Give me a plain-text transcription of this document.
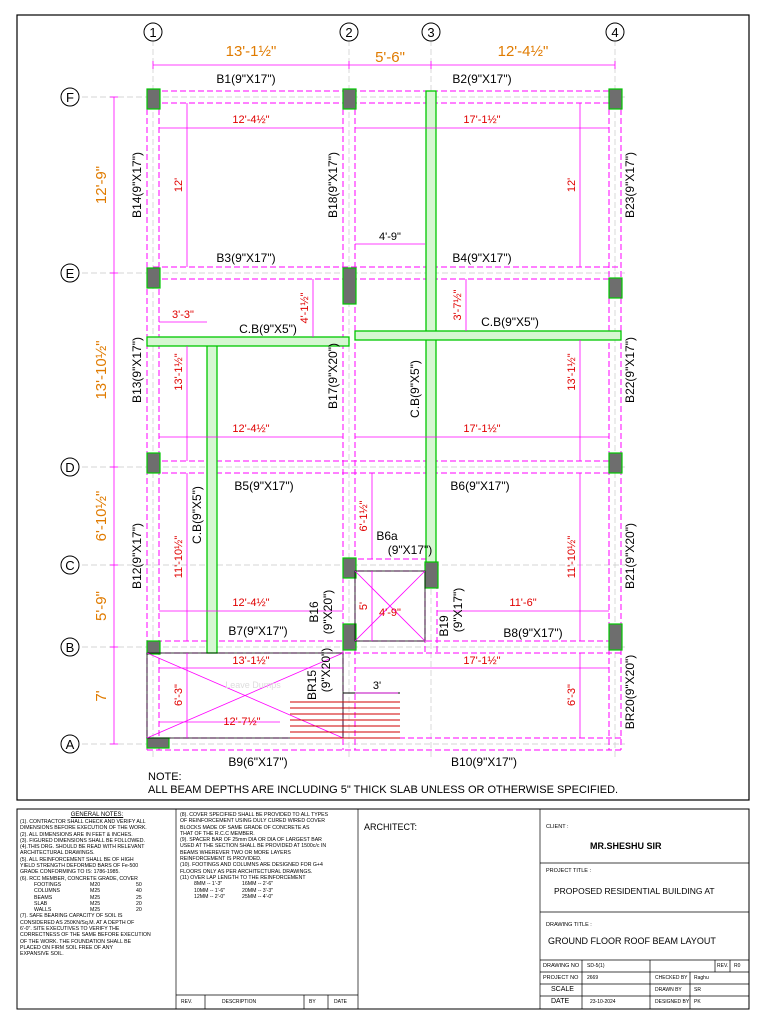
1	2	3	4
F
E
D
C
B
A
13'-1½"	5'-6"	12'-4½"
12'-9"
13'-10½"
6'-10½"
5'-9"
7'
12'-4½"	17'-1½"
12'	12'
3'-3"	4'-1½"	3'-7½"
13'-1½"	13'-1½"
12'-4½"	17'-1½"
6'-1½"
11'-10½"	11'-10½"
12'-4½"	5'
4'-9"
11'-6"
13'-1½"	17'-1½"
6'-3"	6'-3"
12'-7½"
4'-9"
3'
B1(9"X17")	B2(9"X17")
B3(9"X17")	B4(9"X17")
C.B(9"X5")	C.B(9"X5")
B5(9"X17")	B6(9"X17")
B6a
(9"X17")
B7(9"X17")	B8(9"X17")
B9(6"X17")	B10(9"X17")
B14(9"X17")	B18(9"X17")	B23(9"X17")
B13(9"X17")	B17(9"X20")	C.B(9"X5")	B22(9"X17")
C.B(9"X5")
B12(9"X17")	B21(9"X20")
B16 (9"X20")	B19 (9"X17")
BR15 (9"X20")	BR20(9"X20")
Leave Dumps
NOTE:
ALL BEAM DEPTHS ARE INCLUDING 5" THICK SLAB UNLESS OR OTHERWISE SPECIFIED.
GENERAL NOTES:

(1). CONTRACTOR SHALL CHECK AND VERIFY ALL

DIMENSIONS BEFORE EXECUTION OF THE WORK.

(2). ALL DIMENSIONS ARE IN FEET & INCHES.

(3). FIGURED DIMENSIONS SHALL BE FOLLOWED.

(4).THIS DRG. SHOULD BE READ WITH RELEVANT

ARCHITECTURAL DRAWINGS.

(5). ALL REINFORCEMENT SHALL BE OF HIGH

YIELD STRENGTH DEFORMED BARS OF Fe-500

GRADE CONFORMING TO IS: 1786-1985.

(6). RCC MEMBER, CONCRETE GRADE, COVER

FOOTINGS	M20	50

COLUMNS	M25	40

BEAMS	M25	25

SLAB	M25	20

WALLS	M25	20

(7). SAFE BEARING CAPACITY OF SOIL IS

CONSIDERED AS 250KN/Sq.M. AT A DEPTH OF

6'-0". SITE EXECUTIVES TO VERIFY THE

CORRECTNESS OF THE SAME BEFORE EXECUTION

OF THE WORK. THE FOUNDATION SHALL BE

PLACED ON FIRM SOIL FREE OF ANY

EXPANSIVE SOIL.

(8). COVER SPECIFIED SHALL BE PROVIDED TO ALL TYPES

OF REINFORCEMENT USING DULY CURED WIRED COVER

BLOCKS MADE OF SAME GRADE OF CONCRETE AS

THAT OF THE R.C.C MEMBER.

(9). SPACER BAR OF 25mm DIA OR DIA OF LARGEST BAR

USED AT THE SECTION SHALL BE PROVIDED AT 1500c/c IN

BEAMS WHEREVER TWO OR MORE LAYERS

REINFORCEMENT IS PROVIDED.

(10). FOOTINGS AND COLUMNS ARE DESIGNED FOR G+4

FLOORS ONLY AS PER ARCHITECTURAL DRAWINGS.

(11) OVER LAP LENGTH TO THE REINFORCEMENT

8MM -- 1'-3"	16MM -- 2'-6"

10MM -- 1'-6"	20MM -- 3'-3"

12MM -- 2'-0"	25MM -- 4'-0"

REV.	DESCRIPTION	BY	DATE
ARCHITECT:	CLIENT :
MR.SHESHU SIR
PROJECT TITLE :
PROPOSED RESIDENTIAL BUILDING AT
DRAWING TITLE :
GROUND FLOOR ROOF BEAM LAYOUT
DRAWING NO SD-5(1)	REV. R0
PROJECT NO 2669	CHECKED BY Raghu
SCALE	DRAWN BY SR
DATE	23-10-2024	DESIGNED BY PK
